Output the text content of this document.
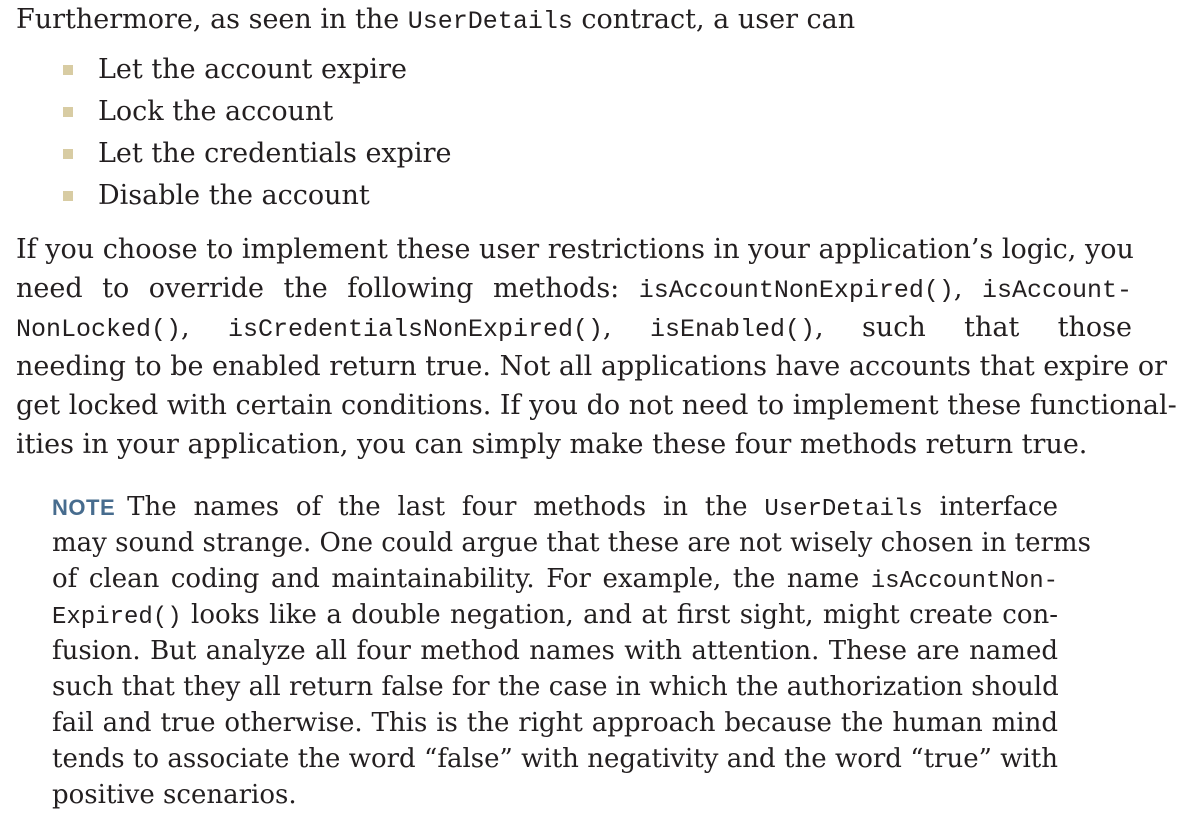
Furthermore, as seen in the UserDetails contract, a user can
Let the account expire
Lock the account
Let the credentials expire
Disable the account
If you choose to implement these user restrictions in your application’s logic, you
need to override the following methods: isAccountNonExpired(), isAccount-
NonLocked(), isCredentialsNonExpired(), isEnabled(), such that those
needing to be enabled return true. Not all applications have accounts that expire or
get locked with certain conditions. If you do not need to implement these functional-
ities in your application, you can simply make these four methods return true.
NOTE The names of the last four methods in the UserDetails interface
may sound strange. One could argue that these are not wisely chosen in terms
of clean coding and maintainability. For example, the name isAccountNon-
Expired() looks like a double negation, and at first sight, might create con-
fusion. But analyze all four method names with attention. These are named
such that they all return false for the case in which the authorization should
fail and true otherwise. This is the right approach because the human mind
tends to associate the word “false” with negativity and the word “true” with
positive scenarios.
